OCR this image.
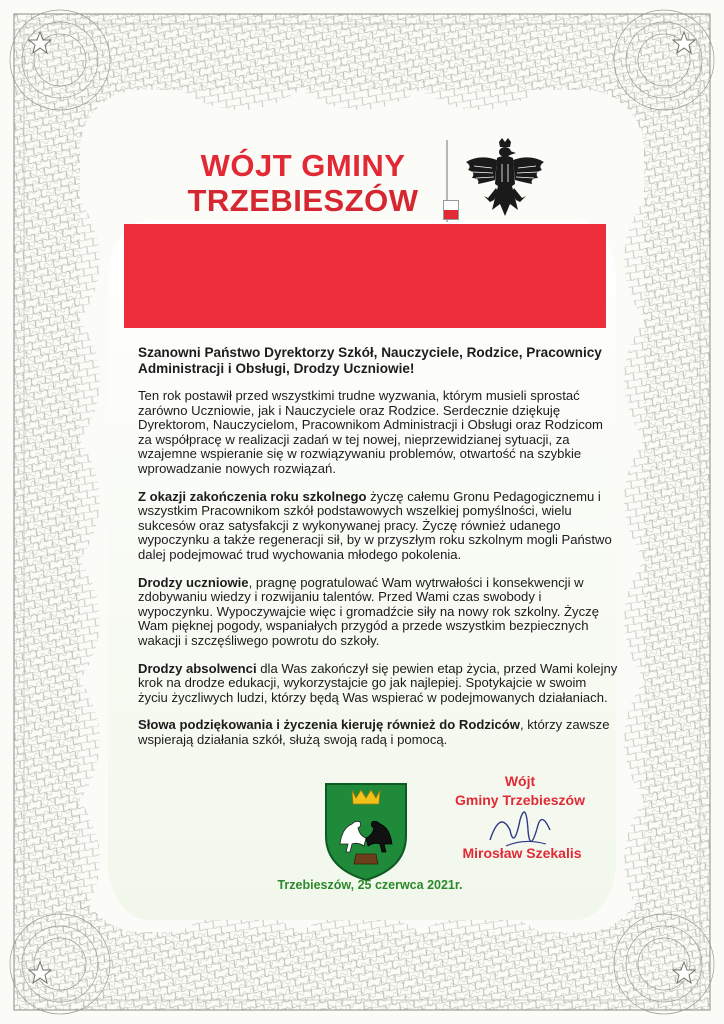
WÓJT GMINY
TRZEBIESZÓW

Szanowni Państwo Dyrektorzy Szkół, Nauczyciele, Rodzice, Pracownicy Administracji i Obsługi, Drodzy Uczniowie!

Ten rok postawił przed wszystkimi trudne wyzwania, którym musieli sprostać zarówno Uczniowie, jak i Nauczyciele oraz Rodzice. Serdecznie dziękuję Dyrektorom, Nauczycielom, Pracownikom Administracji i Obsługi oraz Rodzicom za współpracę w realizacji zadań w tej nowej, nieprzewidzianej sytuacji, za wzajemne wspieranie się w rozwiązywaniu problemów, otwartość na szybkie wprowadzanie nowych rozwiązań.

Z okazji zakończenia roku szkolnego życzę całemu Gronu Pedagogicznemu i wszystkim Pracownikom szkół podstawowych wszelkiej pomyślności, wielu sukcesów oraz satysfakcji z wykonywanej pracy. Życzę również udanego wypoczynku a także regeneracji sił, by w przyszłym roku szkolnym mogli Państwo dalej podejmować trud wychowania młodego pokolenia.

Drodzy uczniowie, pragnę pogratulować Wam wytrwałości i konsekwencji w zdobywaniu wiedzy i rozwijaniu talentów. Przed Wami czas swobody i wypoczynku. Wypoczywajcie więc i gromadźcie siły na nowy rok szkolny. Życzę Wam pięknej pogody, wspaniałych przygód a przede wszystkim bezpiecznych wakacji i szczęśliwego powrotu do szkoły.

Drodzy absolwenci dla Was zakończył się pewien etap życia, przed Wami kolejny krok na drodze edukacji, wykorzystajcie go jak najlepiej. Spotykajcie w swoim życiu życzliwych ludzi, którzy będą Was wspierać w podejmowanych działaniach.

Słowa podziękowania i życzenia kieruję również do Rodziców, którzy zawsze wspierają działania szkół, służą swoją radą i pomocą.

Wójt
Gminy Trzebieszów
Mirosław Szekalis
Trzebieszów, 25 czerwca 2021r.
